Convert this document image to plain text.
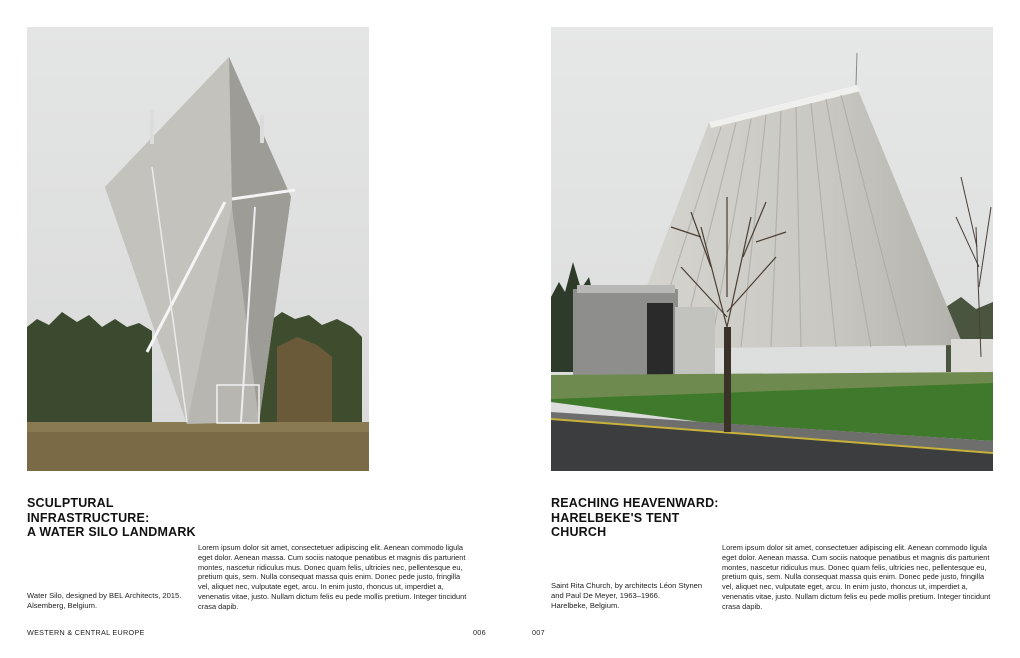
SCULPTURAL
INFRASTRUCTURE:
A WATER SILO LANDMARK
Water Silo, designed by BEL Architects, 2015.
Alsemberg, Belgium.
Lorem ipsum dolor sit amet, consectetuer adipiscing elit. Aenean commodo ligula eget dolor. Aenean massa. Cum sociis natoque penatibus et magnis dis parturient montes, nascetur ridiculus mus. Donec quam felis, ultricies nec, pellentesque eu, pretium quis, sem. Nulla consequat massa quis enim. Donec pede justo, fringilla vel, aliquet nec, vulputate eget, arcu. In enim justo, rhoncus ut, imperdiet a, venenatis vitae, justo. Nullam dictum felis eu pede mollis pretium. Integer tincidunt crasa dapib.
WESTERN & CENTRAL EUROPE	006
REACHING HEAVENWARD:
HARELBEKE'S TENT
CHURCH
Saint Rita Church, by architects Léon Stynen
and Paul De Meyer, 1963–1966.
Harelbeke, Belgium.
Lorem ipsum dolor sit amet, consectetuer adipiscing elit. Aenean commodo ligula eget dolor. Aenean massa. Cum sociis natoque penatibus et magnis dis parturient montes, nascetur ridiculus mus. Donec quam felis, ultricies nec, pellentesque eu, pretium quis, sem. Nulla consequat massa quis enim. Donec pede justo, fringilla vel, aliquet nec, vulputate eget, arcu. In enim justo, rhoncus ut, imperdiet a, venenatis vitae, justo. Nullam dictum felis eu pede mollis pretium. Integer tincidunt crasa dapib.
007
